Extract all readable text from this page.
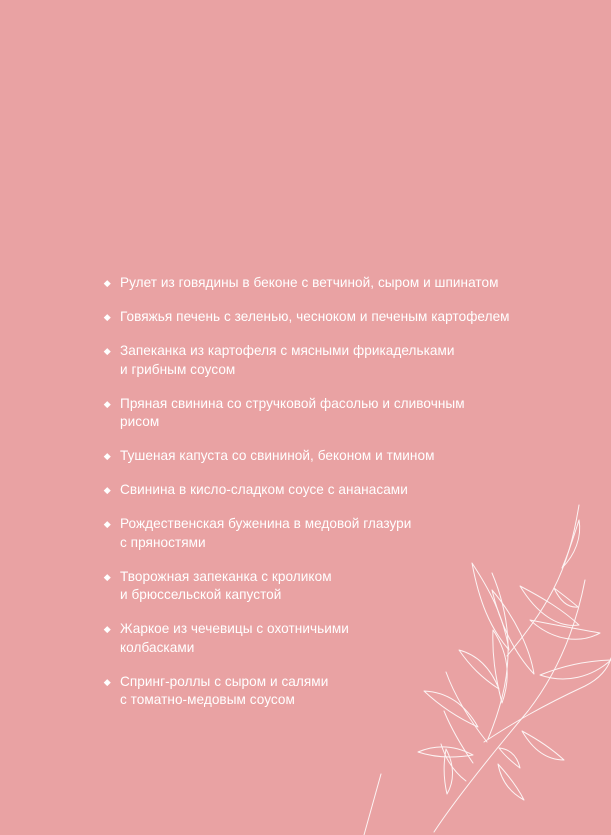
Рулет из говядины в беконе с ветчиной, сыром и шпинатом
Говяжья печень с зеленью, чесноком и печеным картофелем
Запеканка из картофеля с мясными фрикадельками
и грибным соусом
Пряная свинина со стручковой фасолью и сливочным
рисом
Тушеная капуста со свининой, беконом и тмином
Свинина в кисло-сладком соусе с ананасами
Рождественская буженина в медовой глазури
с пряностями
Творожная запеканка с кроликом
и брюссельской капустой
Жаркое из чечевицы с охотничьими
колбасками
Спринг-роллы с сыром и салями
с томатно-медовым соусом
